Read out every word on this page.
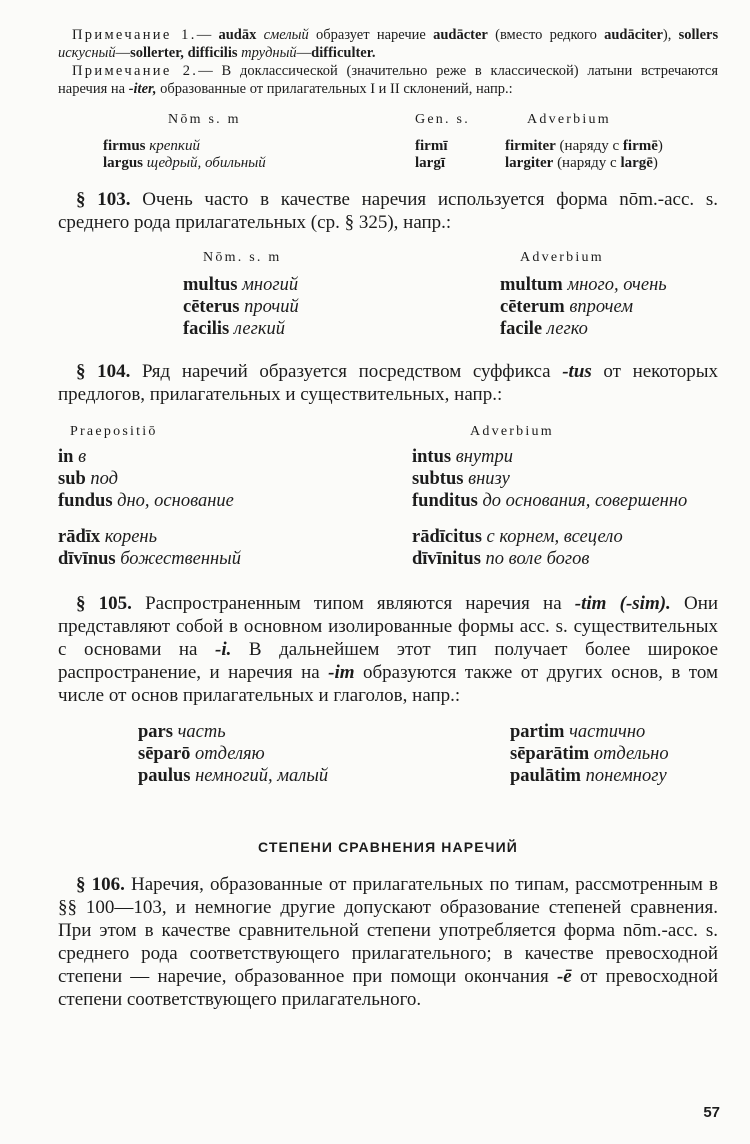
Примечание 1.— audāx смелый образует наречие audācter (вместо редкого audāciter), sollers искусный—sollerter, difficilis трудный—difficulter.

Примечание 2.— В доклассической (значительно реже в классической) латыни встречаются наречия на -iter, образованные от прилагательных I и II склонений, напр.:

Nōm s. m	Gen. s.	Adverbium

firmus крепкий	firmī	firmiter (наряду с firmē)
largus щедрый, обильный	largī	largiter (наряду с largē)

§ 103. Очень часто в качестве наречия используется форма nōm.-acc. s. среднего рода прилагательных (ср. § 325), напр.:

Nōm. s. m	Adverbium

multus многий	multum много, очень
cēterus прочий	cēterum впрочем
facilis легкий	facile легко

§ 104. Ряд наречий образуется посредством суффикса -tus от некоторых предлогов, прилагательных и существительных, напр.:

Praepositiō	Adverbium

in в	intus внутри
sub под	subtus внизу
fundus дно, основание	funditus до основания, совершенно
rādīx корень	rādīcitus с корнем, всецело
dīvīnus божественный	dīvīnitus по воле богов

§ 105. Распространенным типом являются наречия на -tim (-sim). Они представляют собой в основном изолированные формы acc. s. существительных с основами на -i. В дальнейшем этот тип получает более широкое распространение, и наречия на -im образуются также от других основ, в том числе от основ прилагательных и глаголов, напр.:

pars часть	partim частично
sēparō отделяю	sēparātim отдельно
paulus немногий, малый	paulātim понемногу

СТЕПЕНИ СРАВНЕНИЯ НАРЕЧИЙ

§ 106. Наречия, образованные от прилагательных по типам, рассмотренным в §§ 100—103, и немногие другие допускают образование степеней сравнения. При этом в качестве сравнительной степени употребляется форма nōm.-acc. s. среднего рода соответствующего прилагательного; в качестве превосходной степени — наречие, образованное при помощи окончания -ē от превосходной степени соответствующего прилагательного.

57
